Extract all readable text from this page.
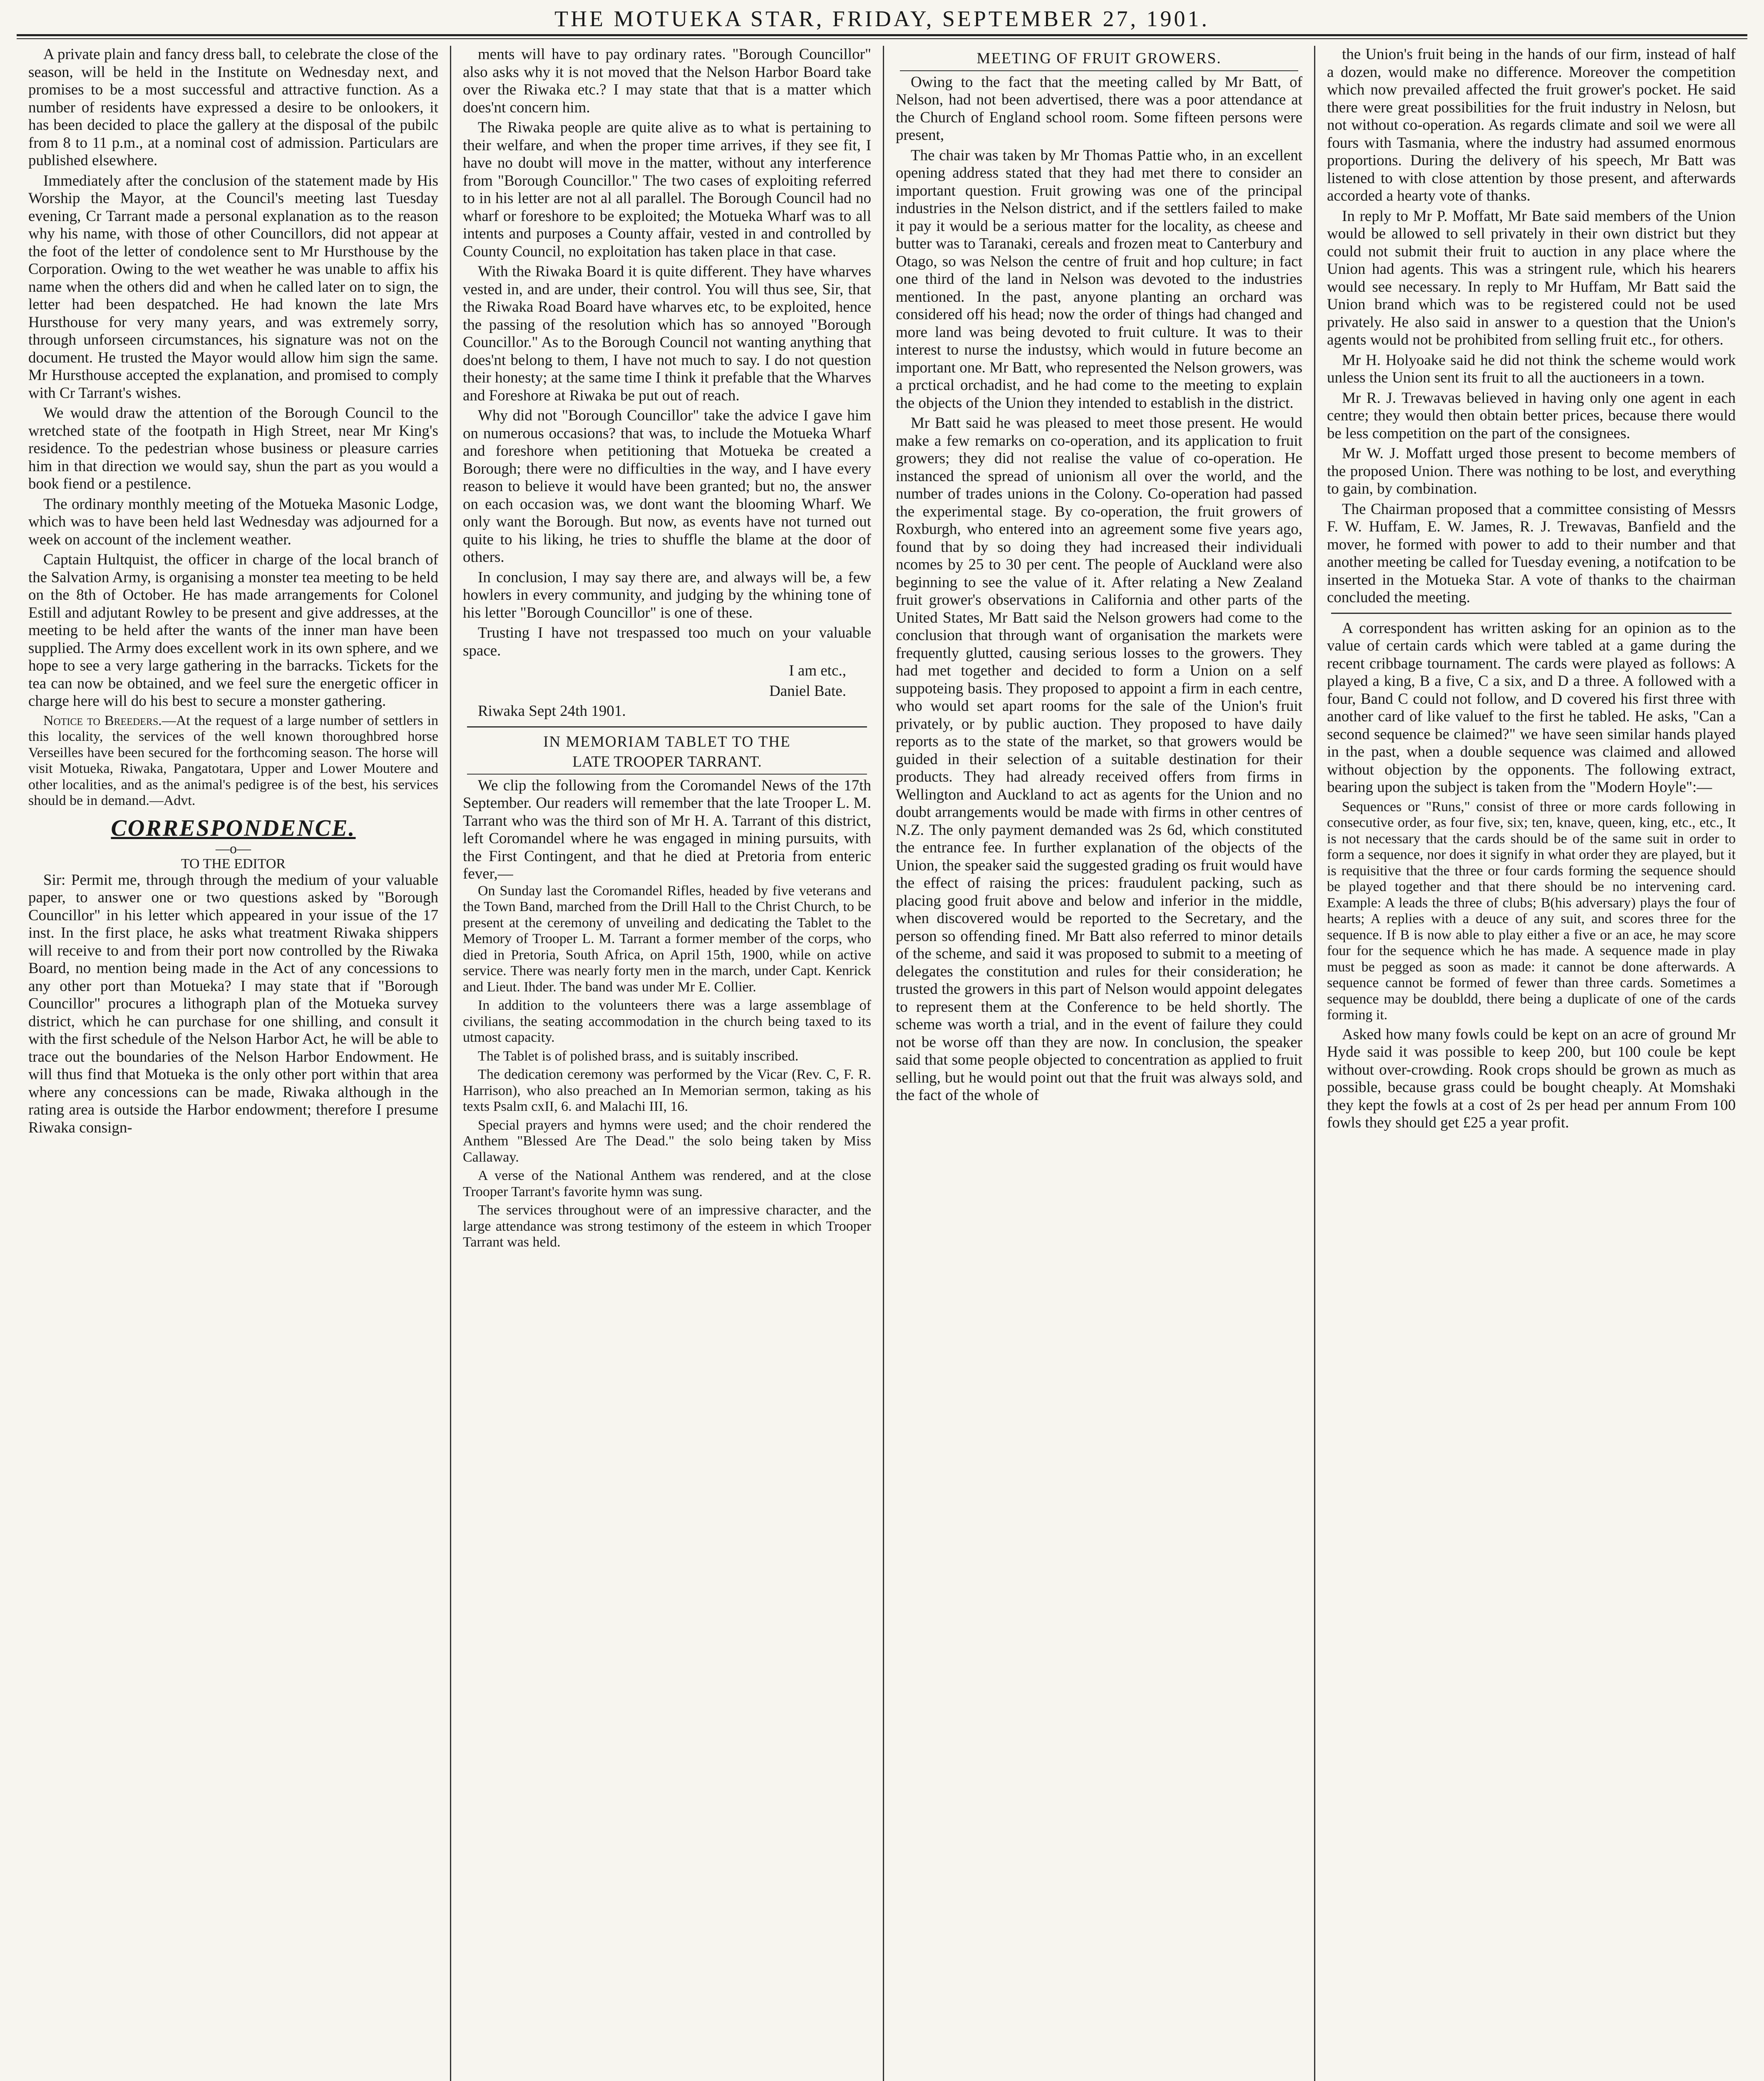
THE MOTUEKA STAR, FRIDAY, SEPTEMBER 27, 1901.

A private plain and fancy dress ball, to celebrate the close of the season, will be held in the Institute on Wednesday next, and promises to be a most successful and attractive function. As a number of residents have expressed a desire to be onlookers, it has been decided to place the gallery at the disposal of the pubilc from 8 to 11 p.m., at a nominal cost of admission. Particulars are published elsewhere.

Immediately after the conclusion of the statement made by His Worship the Mayor, at the Council's meeting last Tuesday evening, Cr Tarrant made a personal explanation as to the reason why his name, with those of other Councillors, did not appear at the foot of the letter of condolence sent to Mr Hursthouse by the Corporation. Owing to the wet weather he was unable to affix his name when the others did and when he called later on to sign, the letter had been despatched. He had known the late Mrs Hursthouse for very many years, and was extremely sorry, through unforseen circumstances, his signature was not on the document. He trusted the Mayor would allow him sign the same. Mr Hursthouse accepted the explanation, and promised to comply with Cr Tarrant's wishes.

We would draw the attention of the Borough Council to the wretched state of the footpath in High Street, near Mr King's residence. To the pedestrian whose business or pleasure carries him in that direction we would say, shun the part as you would a book fiend or a pestilence.

The ordinary monthly meeting of the Motueka Masonic Lodge, which was to have been held last Wednesday was adjourned for a week on account of the inclement weather.

Captain Hultquist, the officer in charge of the local branch of the Salvation Army, is organising a monster tea meeting to be held on the 8th of October. He has made arrangements for Colonel Estill and adjutant Rowley to be present and give addresses, at the meeting to be held after the wants of the inner man have been supplied. The Army does excellent work in its own sphere, and we hope to see a very large gathering in the barracks. Tickets for the tea can now be obtained, and we feel sure the energetic officer in charge here will do his best to secure a monster gathering.

Notice to Breeders.—At the request of a large number of settlers in this locality, the services of the well known thoroughbred horse Verseilles have been secured for the forthcoming season. The horse will visit Motueka, Riwaka, Pangatotara, Upper and Lower Moutere and other localities, and as the animal's pedigree is of the best, his services should be in demand.—Advt.

CORRESPONDENCE.
—o—
TO THE EDITOR

Sir: Permit me, through through the medium of your valuable paper, to answer one or two questions asked by "Borough Councillor" in his letter which appeared in your issue of the 17 inst. In the first place, he asks what treatment Riwaka shippers will receive to and from their port now controlled by the Riwaka Board, no mention being made in the Act of any concessions to any other port than Motueka? I may state that if "Borough Councillor" procures a lithograph plan of the Motueka survey district, which he can purchase for one shilling, and consult it with the first schedule of the Nelson Harbor Act, he will be able to trace out the boundaries of the Nelson Harbor Endowment. He will thus find that Motueka is the only other port within that area where any concessions can be made, Riwaka although in the rating area is outside the Harbor endowment; therefore I presume Riwaka consign-

ments will have to pay ordinary rates. "Borough Councillor" also asks why it is not moved that the Nelson Harbor Board take over the Riwaka etc.? I may state that that is a matter which does'nt concern him.

The Riwaka people are quite alive as to what is pertaining to their welfare, and when the proper time arrives, if they see fit, I have no doubt will move in the matter, without any interference from "Borough Councillor." The two cases of exploiting referred to in his letter are not al all parallel. The Borough Council had no wharf or foreshore to be exploited; the Motueka Wharf was to all intents and purposes a County affair, vested in and controlled by County Council, no exploitation has taken place in that case.

With the Riwaka Board it is quite different. They have wharves vested in, and are under, their control. You will thus see, Sir, that the Riwaka Road Board have wharves etc, to be exploited, hence the passing of the resolution which has so annoyed "Borough Councillor." As to the Borough Council not wanting anything that does'nt belong to them, I have not much to say. I do not question their honesty; at the same time I think it prefable that the Wharves and Foreshore at Riwaka be put out of reach.

Why did not "Borough Councillor" take the advice I gave him on numerous occasions? that was, to include the Motueka Wharf and foreshore when petitioning that Motueka be created a Borough; there were no difficulties in the way, and I have every reason to believe it would have been granted; but no, the answer on each occasion was, we dont want the blooming Wharf. We only want the Borough. But now, as events have not turned out quite to his liking, he tries to shuffle the blame at the door of others.

In conclusion, I may say there are, and always will be, a few howlers in every community, and judging by the whining tone of his letter "Borough Councillor" is one of these.

Trusting I have not trespassed too much on your valuable space.

I am etc.,

Daniel Bate.

Riwaka Sept 24th 1901.

IN MEMORIAM TABLET TO THE

LATE TROOPER TARRANT.

We clip the following from the Coromandel News of the 17th September. Our readers will remember that the late Trooper L. M. Tarrant who was the third son of Mr H. A. Tarrant of this district, left Coromandel where he was engaged in mining pursuits, with the First Contingent, and that he died at Pretoria from enteric fever,—

On Sunday last the Coromandel Rifles, headed by five veterans and the Town Band, marched from the Drill Hall to the Christ Church, to be present at the ceremony of unveiling and dedicating the Tablet to the Memory of Trooper L. M. Tarrant a former member of the corps, who died in Pretoria, South Africa, on April 15th, 1900, while on active service. There was nearly forty men in the march, under Capt. Kenrick and Lieut. Ihder. The band was under Mr E. Collier.

In addition to the volunteers there was a large assemblage of civilians, the seating accommodation in the church being taxed to its utmost capacity.

The Tablet is of polished brass, and is suitably inscribed.

The dedication ceremony was performed by the Vicar (Rev. C, F. R. Harrison), who also preached an In Memorian sermon, taking as his texts Psalm cxII, 6. and Malachi III, 16.

Special prayers and hymns were used; and the choir rendered the Anthem "Blessed Are The Dead." the solo being taken by Miss Callaway.

A verse of the National Anthem was rendered, and at the close Trooper Tarrant's favorite hymn was sung.

The services throughout were of an impressive character, and the large attendance was strong testimony of the esteem in which Trooper Tarrant was held.

MEETING OF FRUIT GROWERS.

Owing to the fact that the meeting called by Mr Batt, of Nelson, had not been advertised, there was a poor attendance at the Church of England school room. Some fifteen persons were present,

The chair was taken by Mr Thomas Pattie who, in an excellent opening address stated that they had met there to consider an important question. Fruit growing was one of the principal industries in the Nelson district, and if the settlers failed to make it pay it would be a serious matter for the locality, as cheese and butter was to Taranaki, cereals and frozen meat to Canterbury and Otago, so was Nelson the centre of fruit and hop culture; in fact one third of the land in Nelson was devoted to the industries mentioned. In the past, anyone planting an orchard was considered off his head; now the order of things had changed and more land was being devoted to fruit culture. It was to their interest to nurse the industsy, which would in future become an important one. Mr Batt, who represented the Nelson growers, was a prctical orchadist, and he had come to the meeting to explain the objects of the Union they intended to establish in the district.

Mr Batt said he was pleased to meet those present. He would make a few remarks on co-operation, and its application to fruit growers; they did not realise the value of co-operation. He instanced the spread of unionism all over the world, and the number of trades unions in the Colony. Co-operation had passed the experimental stage. By co-operation, the fruit growers of Roxburgh, who entered into an agreement some five years ago, found that by so doing they had increased their individuali ncomes by 25 to 30 per cent. The people of Auckland were also beginning to see the value of it. After relating a New Zealand fruit grower's observations in California and other parts of the United States, Mr Batt said the Nelson growers had come to the conclusion that through want of organisation the markets were frequently glutted, causing serious losses to the growers. They had met together and decided to form a Union on a self suppoteing basis. They proposed to appoint a firm in each centre, who would set apart rooms for the sale of the Union's fruit privately, or by public auction. They proposed to have daily reports as to the state of the market, so that growers would be guided in their selection of a suitable destination for their products. They had already received offers from firms in Wellington and Auckland to act as agents for the Union and no doubt arrangements would be made with firms in other centres of N.Z. The only payment demanded was 2s 6d, which constituted the entrance fee. In further explanation of the objects of the Union, the speaker said the suggested grading os fruit would have the effect of raising the prices: fraudulent packing, such as placing good fruit above and below and inferior in the middle, when discovered would be reported to the Secretary, and the person so offending fined. Mr Batt also referred to minor details of the scheme, and said it was proposed to submit to a meeting of delegates the constitution and rules for their consideration; he trusted the growers in this part of Nelson would appoint delegates to represent them at the Conference to be held shortly. The scheme was worth a trial, and in the event of failure they could not be worse off than they are now. In conclusion, the speaker said that some people objected to concentration as applied to fruit selling, but he would point out that the fruit was always sold, and the fact of the whole of

the Union's fruit being in the hands of our firm, instead of half a dozen, would make no difference. Moreover the competition which now prevailed affected the fruit grower's pocket. He said there were great possibilities for the fruit industry in Nelosn, but not without co-operation. As regards climate and soil we were all fours with Tasmania, where the industry had assumed enormous proportions. During the delivery of his speech, Mr Batt was listened to with close attention by those present, and afterwards accorded a hearty vote of thanks.

In reply to Mr P. Moffatt, Mr Bate said members of the Union would be allowed to sell privately in their own district but they could not submit their fruit to auction in any place where the Union had agents. This was a stringent rule, which his hearers would see necessary. In reply to Mr Huffam, Mr Batt said the Union brand which was to be registered could not be used privately. He also said in answer to a question that the Union's agents would not be prohibited from selling fruit etc., for others.

Mr H. Holyoake said he did not think the scheme would work unless the Union sent its fruit to all the auctioneers in a town.

Mr R. J. Trewavas believed in having only one agent in each centre; they would then obtain better prices, because there would be less competition on the part of the consignees.

Mr W. J. Moffatt urged those present to become members of the proposed Union. There was nothing to be lost, and everything to gain, by combination.

The Chairman proposed that a committee consisting of Messrs F. W. Huffam, E. W. James, R. J. Trewavas, Banfield and the mover, he formed with power to add to their number and that another meeting be called for Tuesday evening, a notifcation to be inserted in the Motueka Star. A vote of thanks to the chairman concluded the meeting.

A correspondent has written asking for an opinion as to the value of certain cards which were tabled at a game during the recent cribbage tournament. The cards were played as follows: A played a king, B a five, C a six, and D a three. A followed with a four, Band C could not follow, and D covered his first three with another card of like valuef to the first he tabled. He asks, "Can a second sequence be claimed?" we have seen similar hands played in the past, when a double sequence was claimed and allowed without objection by the opponents. The following extract, bearing upon the subject is taken from the "Modern Hoyle":—

Sequences or "Runs," consist of three or more cards following in consecutive order, as four five, six; ten, knave, queen, king, etc., etc., It is not necessary that the cards should be of the same suit in order to form a sequence, nor does it signify in what order they are played, but it is requisitive that the three or four cards forming the sequence should be played together and that there should be no intervening card. Example: A leads the three of clubs; B(his adversary) plays the four of hearts; A replies with a deuce of any suit, and scores three for the sequence. If B is now able to play either a five or an ace, he may score four for the sequence which he has made. A sequence made in play must be pegged as soon as made: it cannot be done afterwards. A sequence cannot be formed of fewer than three cards. Sometimes a sequence may be doubldd, there being a duplicate of one of the cards forming it.

Asked how many fowls could be kept on an acre of ground Mr Hyde said it was possible to keep 200, but 100 coule be kept without over-crowding. Rook crops should be grown as much as possible, because grass could be bought cheaply. At Momshaki they kept the fowls at a cost of 2s per head per annum From 100 fowls they should get £25 a year profit.
